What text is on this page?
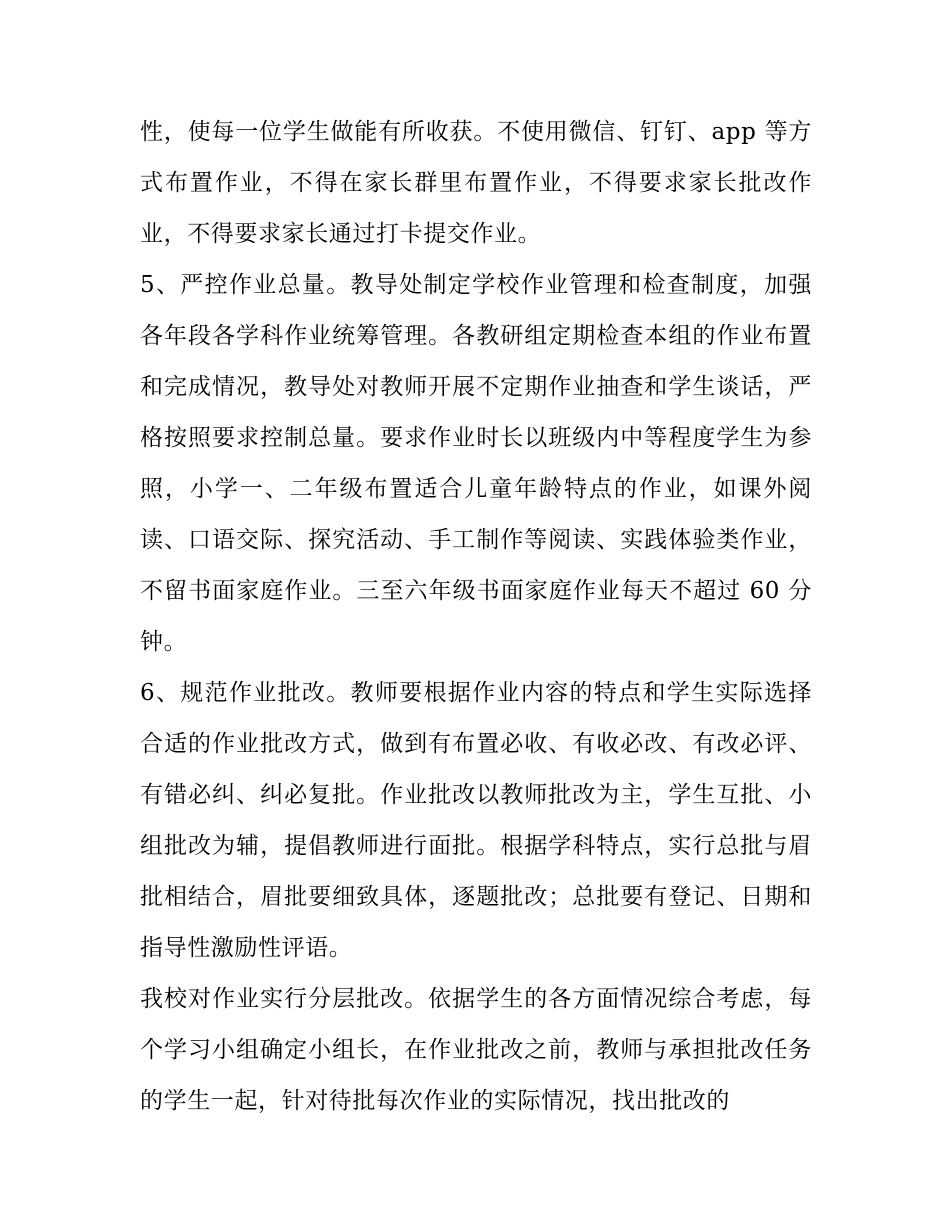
性，使每一位学生做能有所收获。不使用微信、钉钉、app 等方式布置作业，不得在家长群里布置作业，不得要求家长批改作业，不得要求家长通过打卡提交作业。

5、严控作业总量。教导处制定学校作业管理和检查制度，加强各年段各学科作业统筹管理。各教研组定期检查本组的作业布置和完成情况，教导处对教师开展不定期作业抽查和学生谈话，严格按照要求控制总量。要求作业时长以班级内中等程度学生为参照，小学一、二年级布置适合儿童年龄特点的作业，如课外阅读、口语交际、探究活动、手工制作等阅读、实践体验类作业，不留书面家庭作业。三至六年级书面家庭作业每天不超过 60 分钟。

6、规范作业批改。教师要根据作业内容的特点和学生实际选择合适的作业批改方式，做到有布置必收、有收必改、有改必评、有错必纠、纠必复批。作业批改以教师批改为主，学生互批、小组批改为辅，提倡教师进行面批。根据学科特点，实行总批与眉批相结合，眉批要细致具体，逐题批改；总批要有登记、日期和指导性激励性评语。

我校对作业实行分层批改。依据学生的各方面情况综合考虑，每个学习小组确定小组长，在作业批改之前，教师与承担批改任务的学生一起，针对待批每次作业的实际情况，找出批改的
